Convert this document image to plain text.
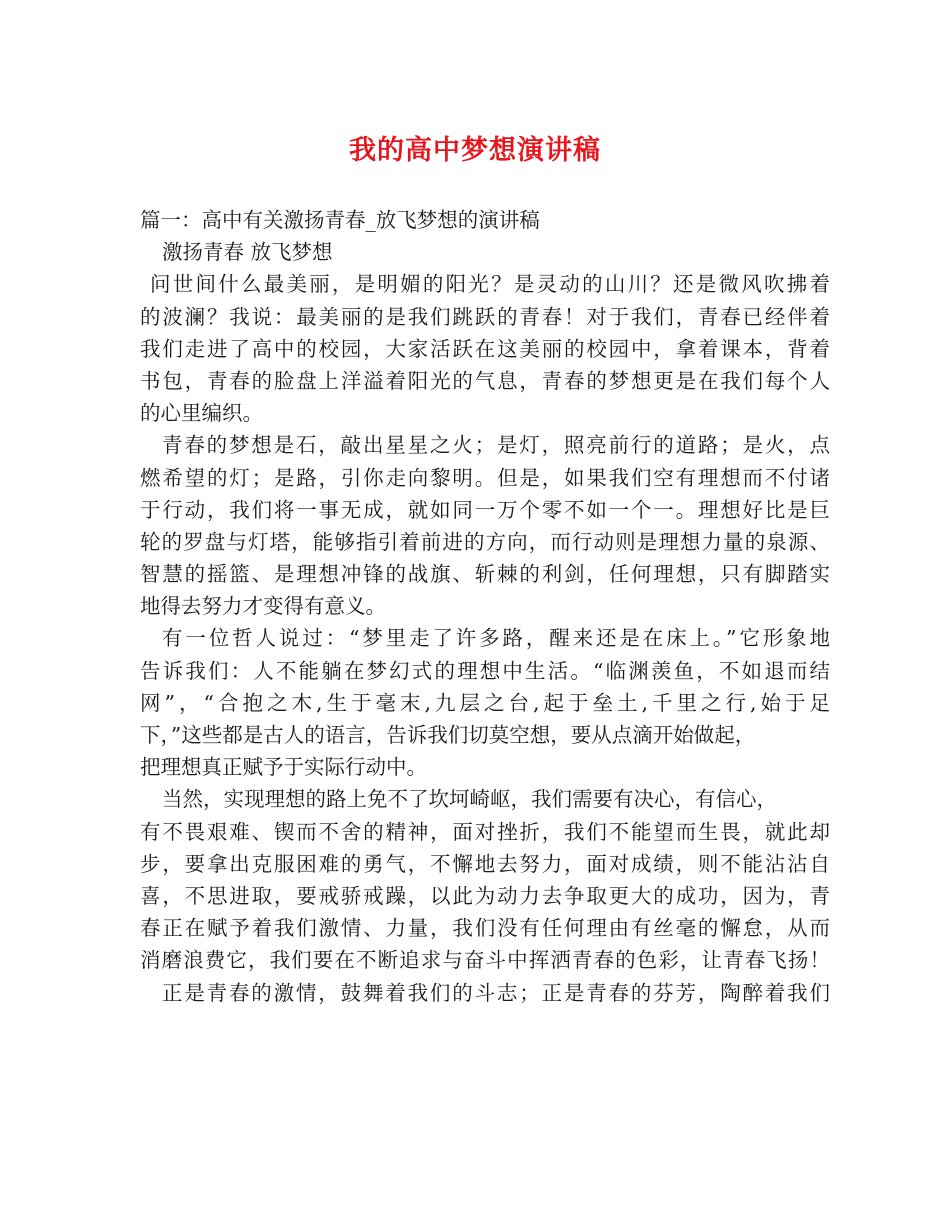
我的高中梦想演讲稿
篇一：高中有关激扬青春_放飞梦想的演讲稿
激扬青春 放飞梦想
问世间什么最美丽，是明媚的阳光？是灵动的山川？还是微风吹拂着
的波澜？我说：最美丽的是我们跳跃的青春！对于我们，青春已经伴着
我们走进了高中的校园，大家活跃在这美丽的校园中，拿着课本，背着
书包，青春的脸盘上洋溢着阳光的气息，青春的梦想更是在我们每个人
的心里编织。
青春的梦想是石，敲出星星之火；是灯，照亮前行的道路；是火，点
燃希望的灯；是路，引你走向黎明。但是，如果我们空有理想而不付诸
于行动，我们将一事无成，就如同一万个零不如一个一。理想好比是巨
轮的罗盘与灯塔，能够指引着前进的方向，而行动则是理想力量的泉源、
智慧的摇篮、是理想冲锋的战旗、斩棘的利剑，任何理想，只有脚踏实
地得去努力才变得有意义。
有一位哲人说过：“梦里走了许多路，醒来还是在床上。”它形象地
告诉我们：人不能躺在梦幻式的理想中生活。“临渊羡鱼，不如退而结
网”，“合抱之木,生于毫末,九层之台,起于垒土,千里之行,始于足
下，”这些都是古人的语言，告诉我们切莫空想，要从点滴开始做起，
把理想真正赋予于实际行动中。
当然，实现理想的路上免不了坎坷崎岖，我们需要有决心，有信心，
有不畏艰难、锲而不舍的精神，面对挫折，我们不能望而生畏，就此却
步，要拿出克服困难的勇气，不懈地去努力，面对成绩，则不能沾沾自
喜，不思进取，要戒骄戒躁，以此为动力去争取更大的成功，因为，青
春正在赋予着我们激情、力量，我们没有任何理由有丝毫的懈怠，从而
消磨浪费它，我们要在不断追求与奋斗中挥洒青春的色彩，让青春飞扬！
正是青春的激情，鼓舞着我们的斗志；正是青春的芬芳，陶醉着我们
